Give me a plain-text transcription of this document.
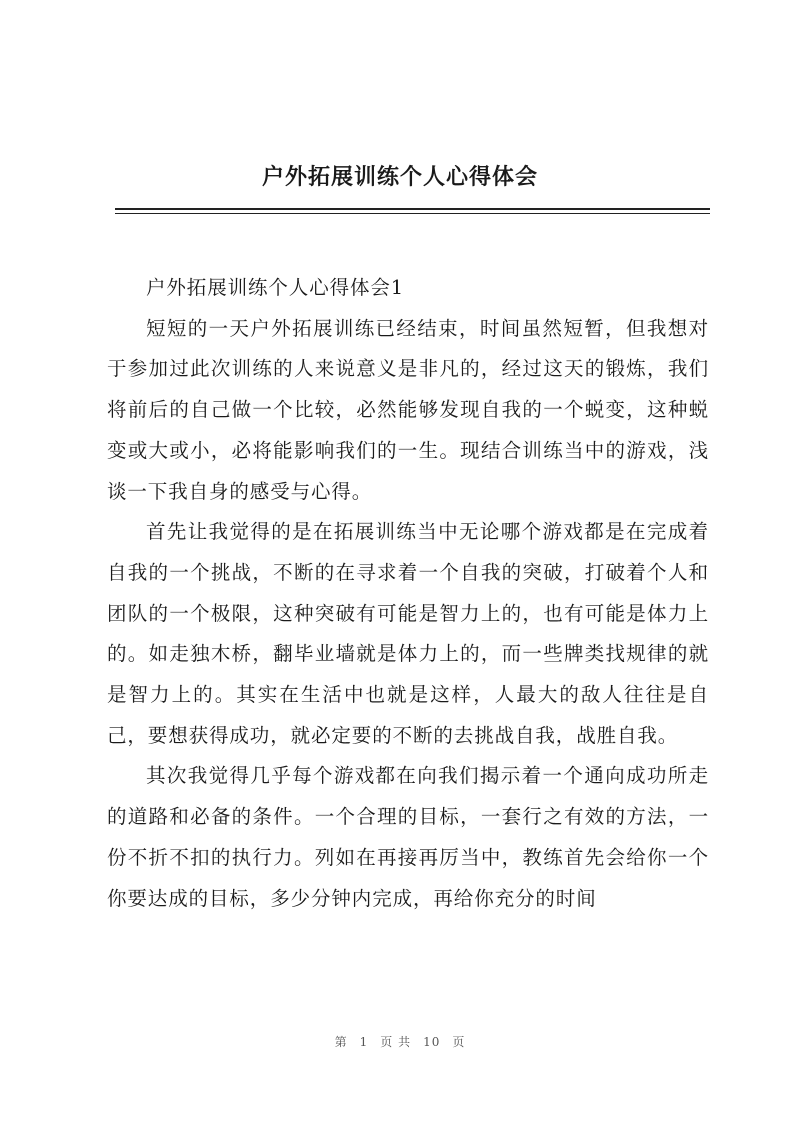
户外拓展训练个人心得体会

户外拓展训练个人心得体会1

短短的一天户外拓展训练已经结束，时间虽然短暂，但我想对于参加过此次训练的人来说意义是非凡的，经过这天的锻炼，我们将前后的自己做一个比较，必然能够发现自我的一个蜕变，这种蜕变或大或小，必将能影响我们的一生。现结合训练当中的游戏，浅谈一下我自身的感受与心得。

首先让我觉得的是在拓展训练当中无论哪个游戏都是在完成着自我的一个挑战，不断的在寻求着一个自我的突破，打破着个人和团队的一个极限，这种突破有可能是智力上的，也有可能是体力上的。如走独木桥，翻毕业墙就是体力上的，而一些牌类找规律的就是智力上的。其实在生活中也就是这样，人最大的敌人往往是自己，要想获得成功，就必定要的不断的去挑战自我，战胜自我。

其次我觉得几乎每个游戏都在向我们揭示着一个通向成功所走的道路和必备的条件。一个合理的目标，一套行之有效的方法，一份不折不扣的执行力。列如在再接再厉当中，教练首先会给你一个你要达成的目标，多少分钟内完成，再给你充分的时间

第 1 页 共 10 页
